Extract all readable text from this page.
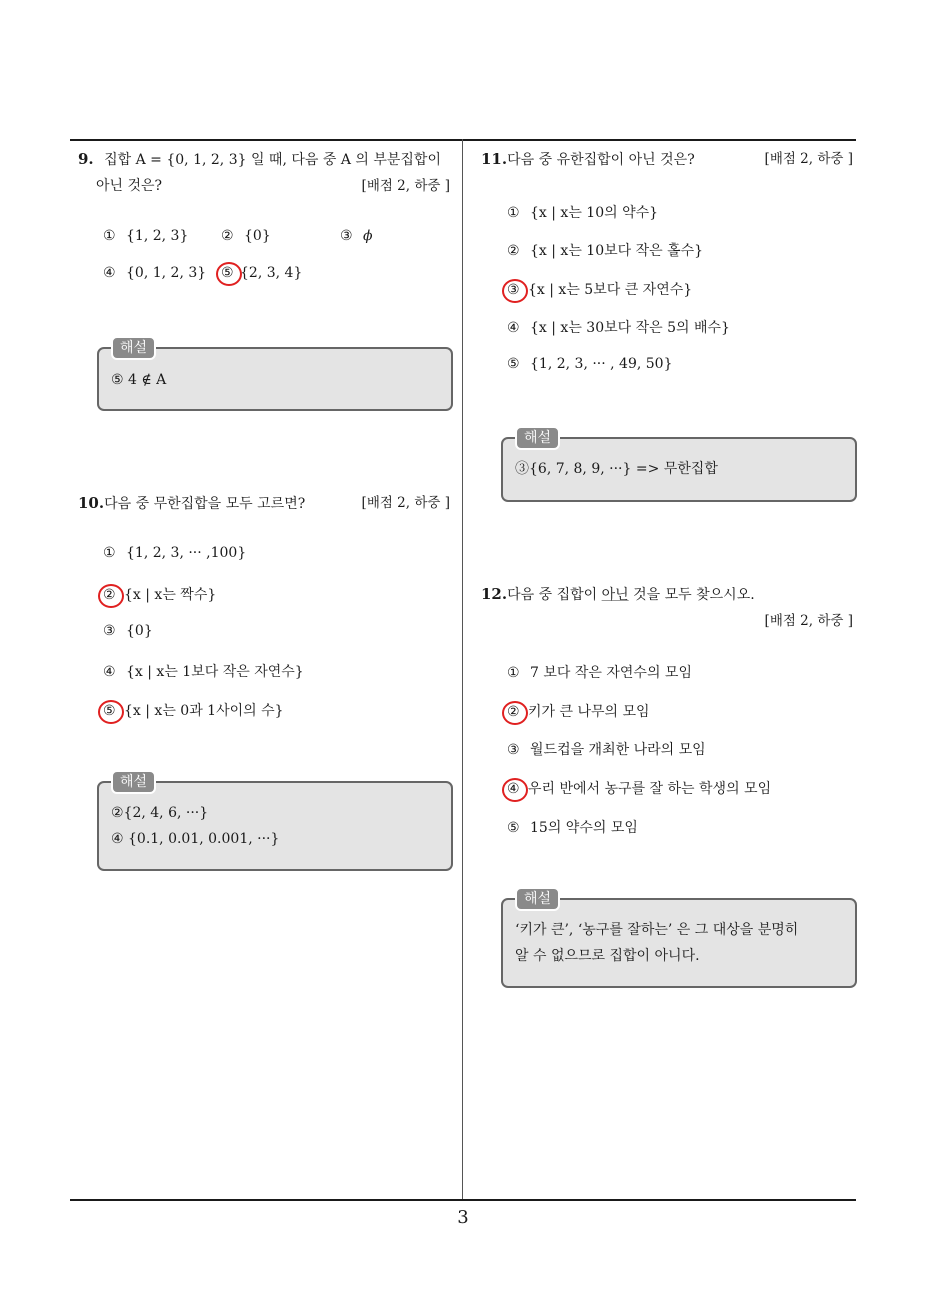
9. 집합 A = {0, 1, 2, 3} 일 때, 다음 중 A 의 부분집합이
아닌 것은?	[배점 2, 하중 ]
① {1, 2, 3} ② {0}	③ ϕ
④ {0, 1, 2, 3} ⑤ {2, 3, 4}
해설
⑤ 4 ∉ A
10.다음 중 무한집합을 모두 고르면?	[배점 2, 하중 ]
① {1, 2, 3, ··· ,100}
② {x | x는 짝수}
③ {0}
④ {x | x는 1보다 작은 자연수}
⑤ {x | x는 0과 1사이의 수}
해설
②{2, 4, 6, ···}
④ {0.1, 0.01, 0.001, ···}
11.다음 중 유한집합이 아닌 것은?	[배점 2, 하중 ]
① {x | x는 10의 약수}
② {x | x는 10보다 작은 홀수}
③ {x | x는 5보다 큰 자연수}
④ {x | x는 30보다 작은 5의 배수}
⑤ {1, 2, 3, ··· , 49, 50}
해설
③{6, 7, 8, 9, ···} => 무한집합
12.다음 중 집합이 아닌 것을 모두 찾으시오.
[배점 2, 하중 ]
① 7 보다 작은 자연수의 모임
② 키가 큰 나무의 모임
③ 월드컵을 개최한 나라의 모임
④ 우리 반에서 농구를 잘 하는 학생의 모임
⑤ 15의 약수의 모임
해설
‘키가 큰’, ‘농구를 잘하는’ 은 그 대상을 분명히
알 수 없으므로 집합이 아니다.
3
